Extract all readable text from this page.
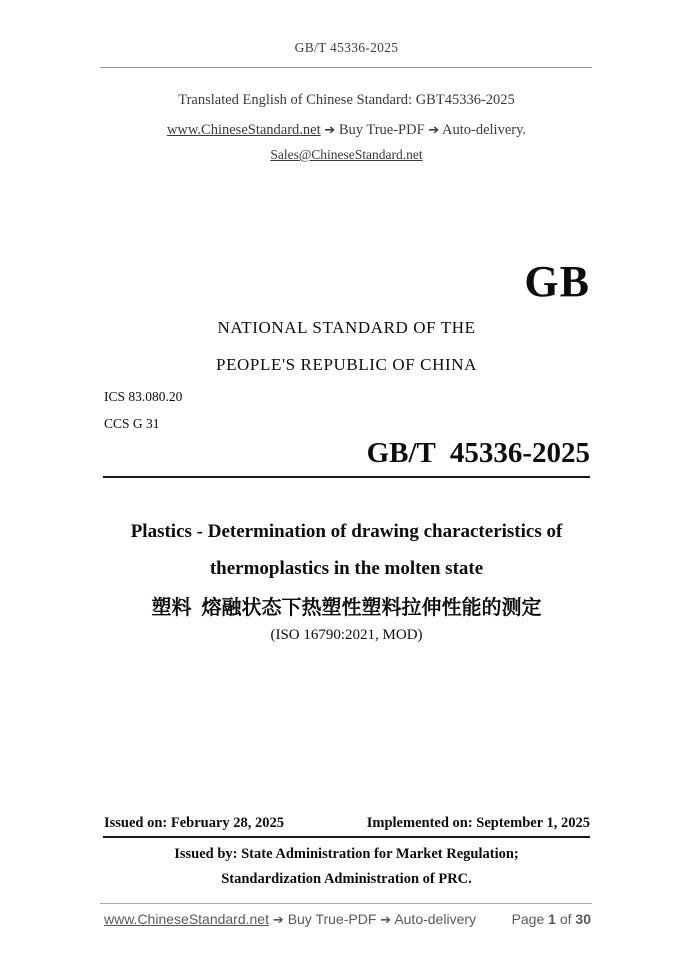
GB/T 45336-2025
Translated English of Chinese Standard: GBT45336-2025
www.ChineseStandard.net ➔ Buy True-PDF ➔ Auto-delivery.
Sales@ChineseStandard.net
GB
NATIONAL STANDARD OF THE
PEOPLE'S REPUBLIC OF CHINA
ICS 83.080.20
CCS G 31
GB/T  45336-2025
Plastics - Determination of drawing characteristics of
thermoplastics in the molten state
塑料  熔融状态下热塑性塑料拉伸性能的测定
(ISO 16790:2021, MOD)
Issued on: February 28, 2025	Implemented on: September 1, 2025
Issued by: State Administration for Market Regulation;
Standardization Administration of PRC.
www.ChineseStandard.net ➔ Buy True-PDF ➔ Auto-delivery	Page 1 of 30
